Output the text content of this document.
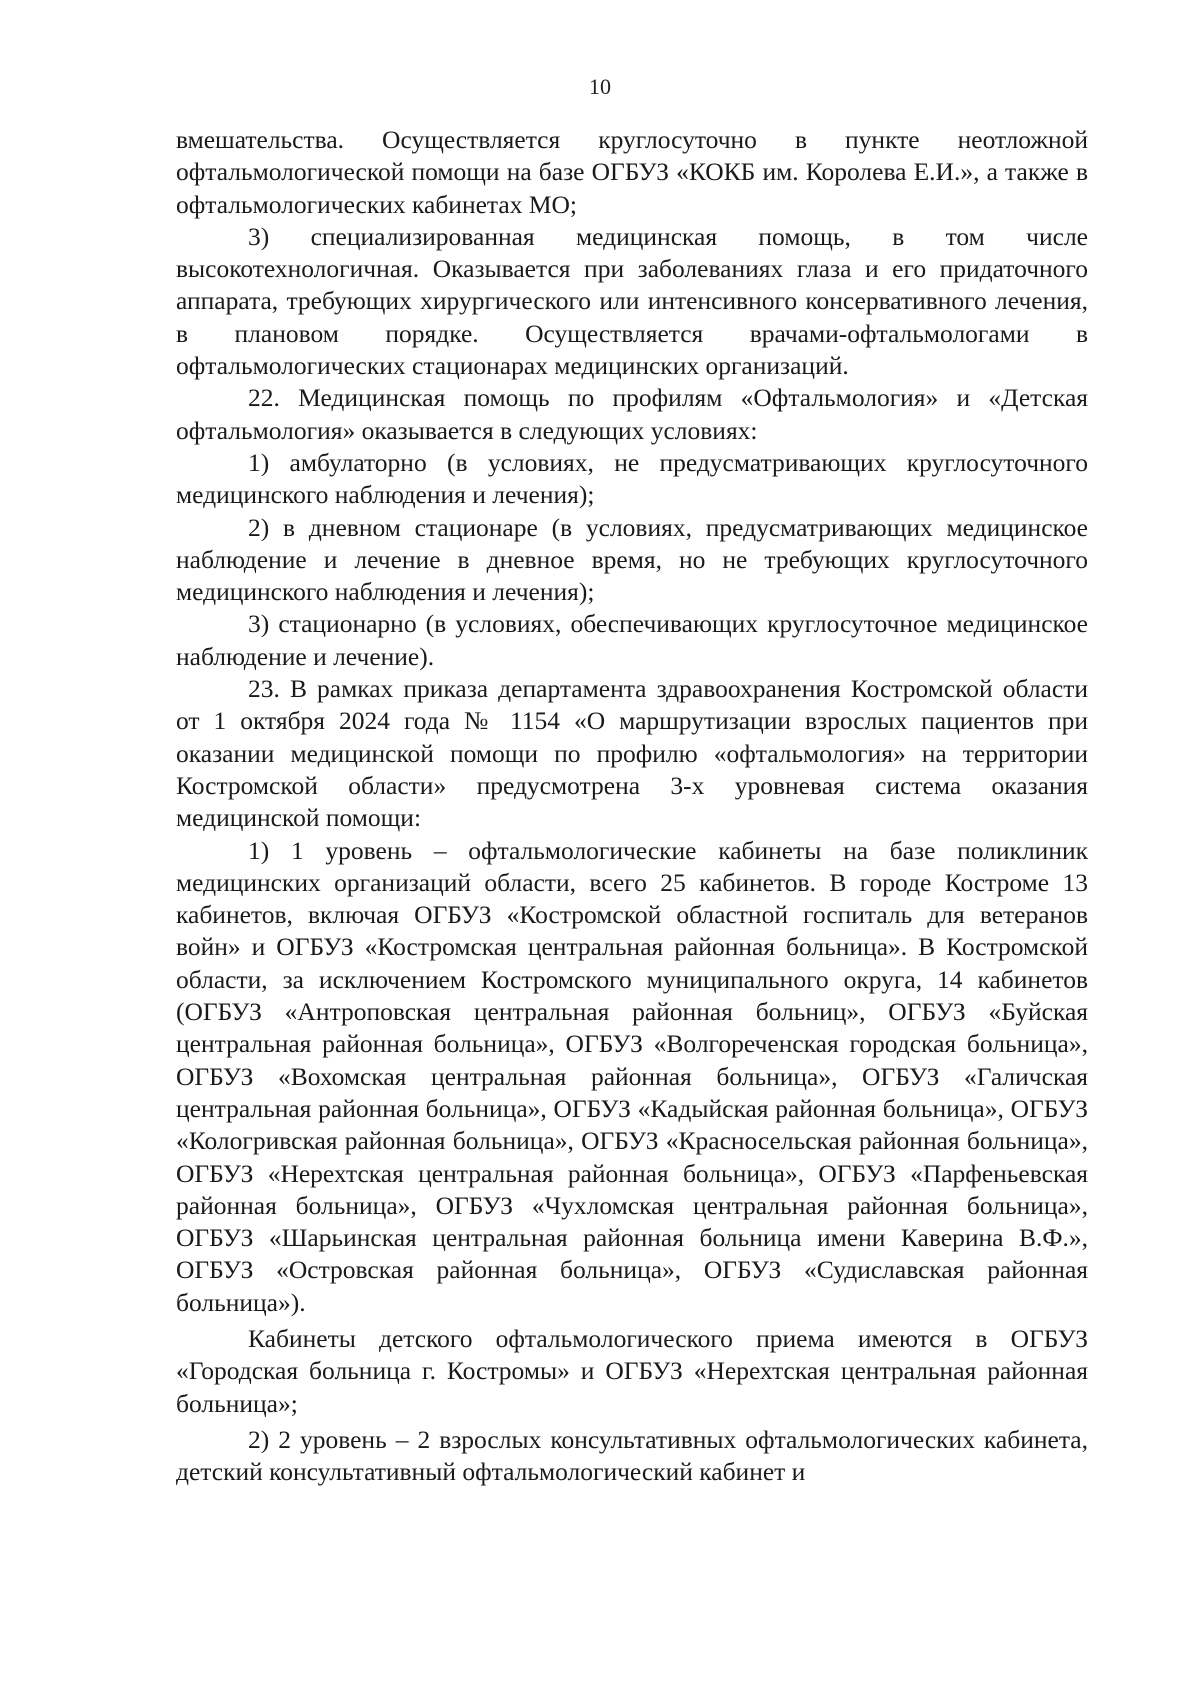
10

вмешательства. Осуществляется круглосуточно в пункте неотложной офтальмологической помощи на базе ОГБУЗ «КОКБ им. Королева Е.И.», а также в офтальмологических кабинетах МО;

3) специализированная медицинская помощь, в том числе высокотехнологичная. Оказывается при заболеваниях глаза и его придаточного аппарата, требующих хирургического или интенсивного консервативного лечения, в плановом порядке. Осуществляется врачами-офтальмологами в офтальмологических стационарах медицинских организаций.

22. Медицинская помощь по профилям «Офтальмология» и «Детская офтальмология» оказывается в следующих условиях:

1) амбулаторно (в условиях, не предусматривающих круглосуточного медицинского наблюдения и лечения);

2) в дневном стационаре (в условиях, предусматривающих медицинское наблюдение и лечение в дневное время, но не требующих круглосуточного медицинского наблюдения и лечения);

3) стационарно (в условиях, обеспечивающих круглосуточное медицинское наблюдение и лечение).

23. В рамках приказа департамента здравоохранения Костромской области от 1 октября 2024 года № 1154 «О маршрутизации взрослых пациентов при оказании медицинской помощи по профилю «офтальмология» на территории Костромской области» предусмотрена 3-х уровневая система оказания медицинской помощи:

1) 1 уровень – офтальмологические кабинеты на базе поликлиник медицинских организаций области, всего 25 кабинетов. В городе Костроме 13 кабинетов, включая ОГБУЗ «Костромской областной госпиталь для ветеранов войн» и ОГБУЗ «Костромская центральная районная больница». В Костромской области, за исключением Костромского муниципального округа, 14 кабинетов (ОГБУЗ «Антроповская центральная районная больниц», ОГБУЗ «Буйская центральная районная больница», ОГБУЗ «Волгореченская городская больница», ОГБУЗ «Вохомская центральная районная больница», ОГБУЗ «Галичская центральная районная больница», ОГБУЗ «Кадыйская районная больница», ОГБУЗ «Кологривская районная больница», ОГБУЗ «Красносельская районная больница», ОГБУЗ «Нерехтская центральная районная больница», ОГБУЗ «Парфеньевская районная больница», ОГБУЗ «Чухломская центральная районная больница», ОГБУЗ «Шарьинская центральная районная больница имени Каверина В.Ф.», ОГБУЗ «Островская районная больница», ОГБУЗ «Судиславская районная больница»).

Кабинеты детского офтальмологического приема имеются в ОГБУЗ «Городская больница г. Костромы» и ОГБУЗ «Нерехтская центральная районная больница»;

2) 2 уровень – 2 взрослых консультативных офтальмологических кабинета, детский консультативный офтальмологический кабинет и
